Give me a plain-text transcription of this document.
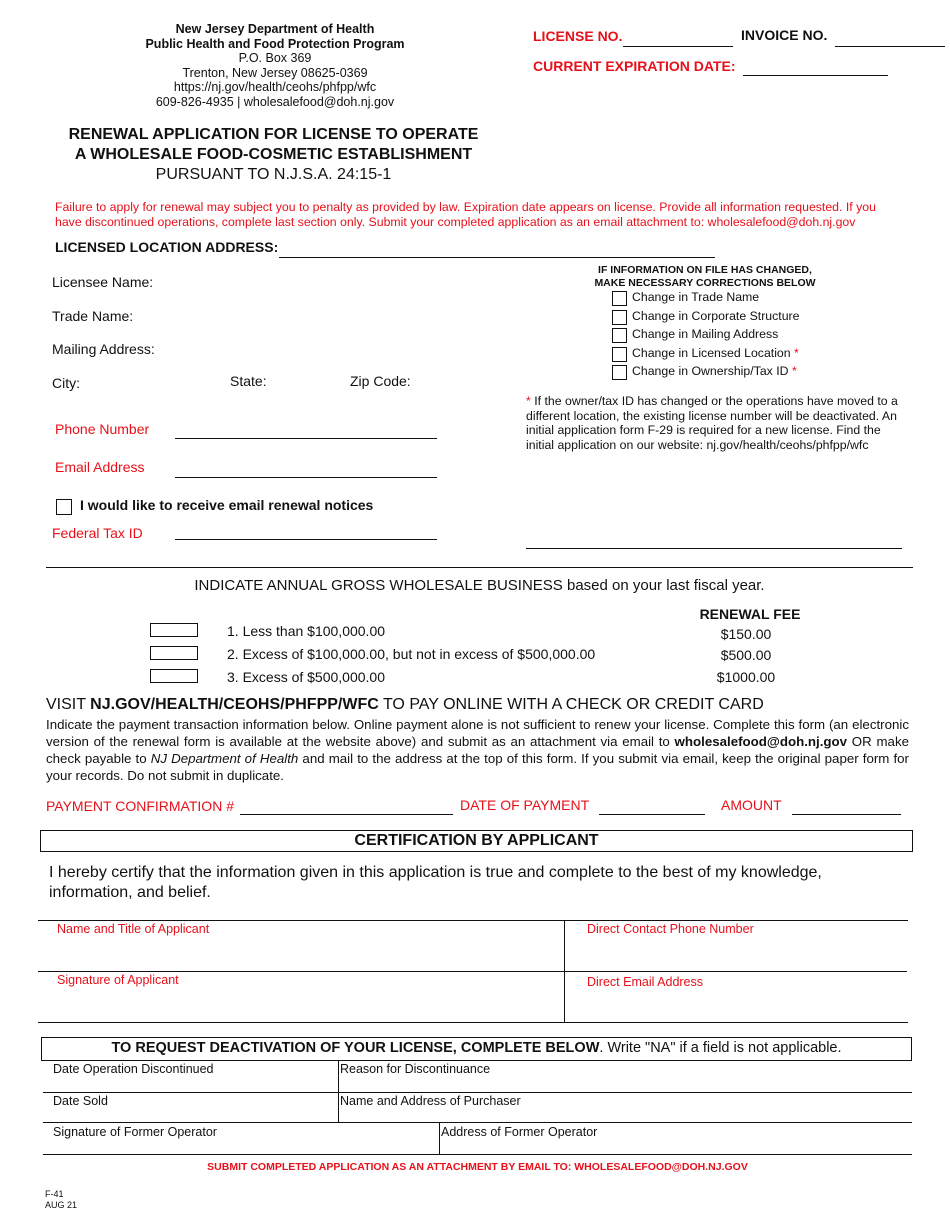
New Jersey Department of Health
Public Health and Food Protection Program
P.O. Box 369
Trenton, New Jersey 08625-0369
https://nj.gov/health/ceohs/phfpp/wfc
609-826-4935 | wholesalefood@doh.nj.gov
LICENSE NO.	INVOICE NO.
CURRENT EXPIRATION DATE:
RENEWAL APPLICATION FOR LICENSE TO OPERATE
A WHOLESALE FOOD-COSMETIC ESTABLISHMENT
PURSUANT TO N.J.S.A. 24:15-1
Failure to apply for renewal may subject you to penalty as provided by law. Expiration date appears on license. Provide all information requested. If you have discontinued operations, complete last section only. Submit your completed application as an email attachment to: wholesalefood@doh.nj.gov
LICENSED LOCATION ADDRESS:
Licensee Name:
Trade Name:
Mailing Address:
City:	State:	Zip Code:
Phone Number
Email Address
I would like to receive email renewal notices
Federal Tax ID
IF INFORMATION ON FILE HAS CHANGED,
MAKE NECESSARY CORRECTIONS BELOW
Change in Trade Name
Change in Corporate Structure
Change in Mailing Address
Change in Licensed Location *
Change in Ownership/Tax ID *
* If the owner/tax ID has changed or the operations have moved to a different location, the existing license number will be deactivated. An initial application form F-29 is required for a new license. Find the initial application on our website: nj.gov/health/ceohs/phfpp/wfc
INDICATE ANNUAL GROSS WHOLESALE BUSINESS based on your last fiscal year.
RENEWAL FEE
1. Less than $100,000.00	$150.00
2. Excess of $100,000.00, but not in excess of $500,000.00	$500.00
3. Excess of $500,000.00	$1000.00
VISIT NJ.GOV/HEALTH/CEOHS/PHFPP/WFC TO PAY ONLINE WITH A CHECK OR CREDIT CARD
Indicate the payment transaction information below. Online payment alone is not sufficient to renew your license. Complete this form (an electronic version of the renewal form is available at the website above) and submit as an attachment via email to wholesalefood@doh.nj.gov OR make check payable to NJ Department of Health and mail to the address at the top of this form. If you submit via email, keep the original paper form for your records. Do not submit in duplicate.
PAYMENT CONFIRMATION #	DATE OF PAYMENT	AMOUNT
CERTIFICATION BY APPLICANT
I hereby certify that the information given in this application is true and complete to the best of my knowledge, information, and belief.
Name and Title of Applicant	Direct Contact Phone Number
Signature of Applicant	Direct Email Address
TO REQUEST DEACTIVATION OF YOUR LICENSE, COMPLETE BELOW. Write "NA" if a field is not applicable.
Date Operation Discontinued	Reason for Discontinuance
Date Sold	Name and Address of Purchaser
Signature of Former Operator	Address of Former Operator
SUBMIT COMPLETED APPLICATION AS AN ATTACHMENT BY EMAIL TO: WHOLESALEFOOD@DOH.NJ.GOV
F-41
AUG 21
